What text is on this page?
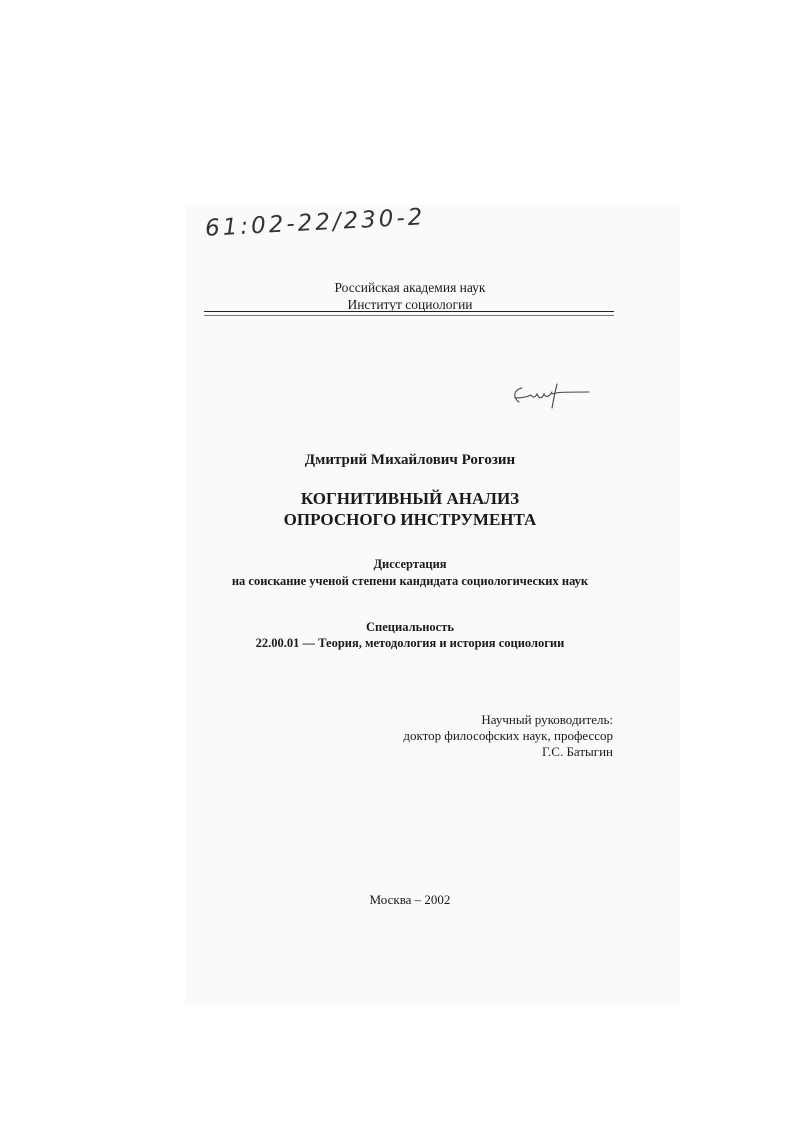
61:02-22/230-2
Российская академия наук
Институт социологии
Дмитрий Михайлович Рогозин
КОГНИТИВНЫЙ АНАЛИЗ
ОПРОСНОГО ИНСТРУМЕНТА
Диссертация
на соискание ученой степени кандидата социологических наук
Специальность
22.00.01 — Теория, методология и история социологии
Научный руководитель:
доктор философских наук, профессор
Г.С. Батыгин
Москва – 2002
